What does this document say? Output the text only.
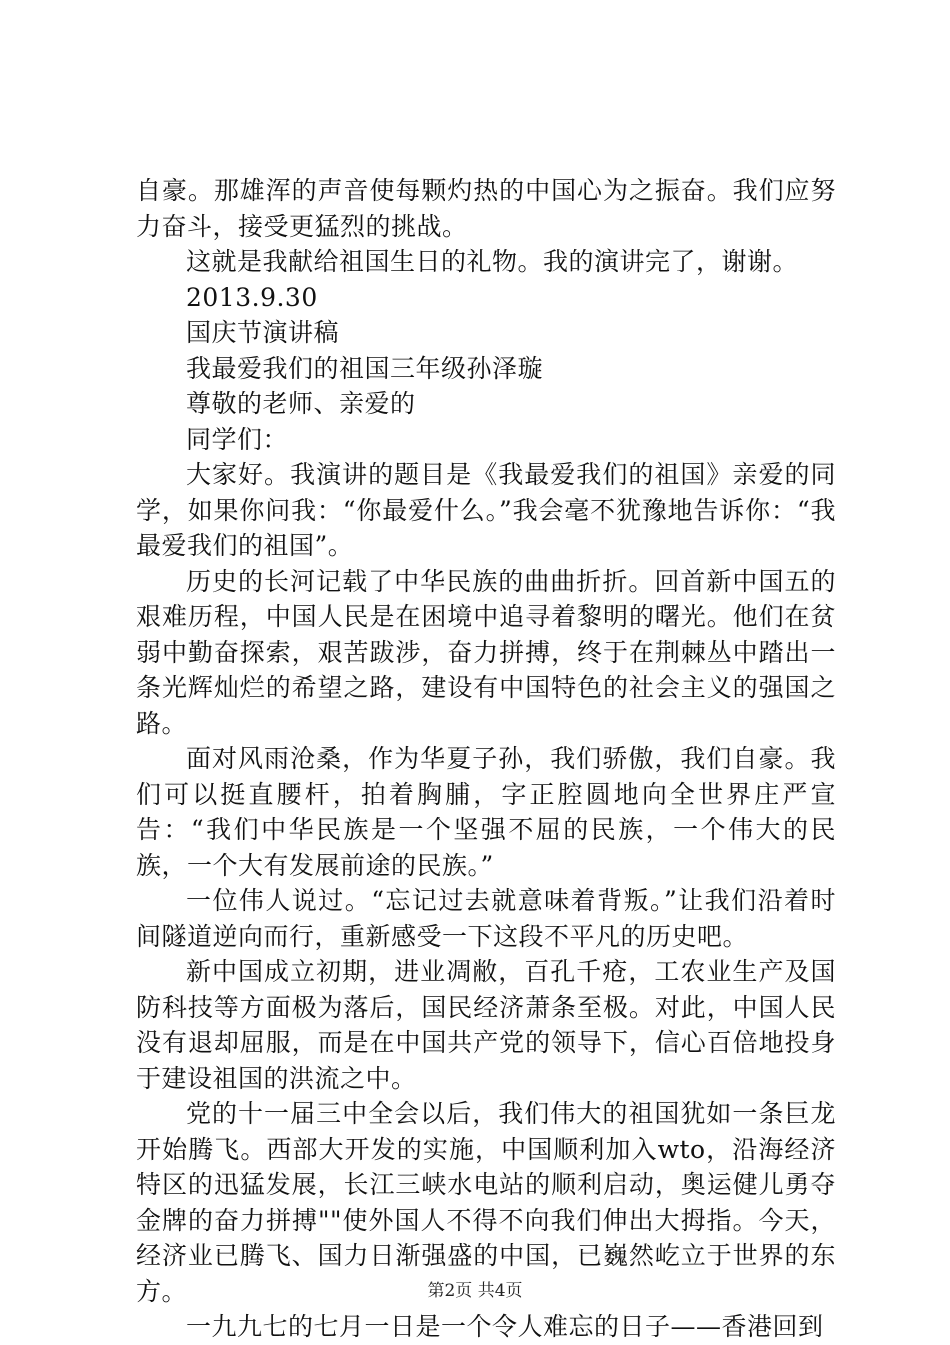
自豪。那雄浑的声音使每颗灼热的中国心为之振奋。我们应努力奋斗，接受更猛烈的挑战。

这就是我献给祖国生日的礼物。我的演讲完了，谢谢。

2013.9.30

国庆节演讲稿

我最爱我们的祖国三年级孙泽璇

尊敬的老师、亲爱的

同学们：

大家好。我演讲的题目是《我最爱我们的祖国》亲爱的同学，如果你问我：“你最爱什么。”我会毫不犹豫地告诉你：“我最爱我们的祖国”。

历史的长河记载了中华民族的曲曲折折。回首新中国五的艰难历程，中国人民是在困境中追寻着黎明的曙光。他们在贫弱中勤奋探索，艰苦跋涉，奋力拼搏，终于在荆棘丛中踏出一条光辉灿烂的希望之路，建设有中国特色的社会主义的强国之路。

面对风雨沧桑，作为华夏子孙，我们骄傲，我们自豪。我们可以挺直腰杆，拍着胸脯，字正腔圆地向全世界庄严宣告：“我们中华民族是一个坚强不屈的民族，一个伟大的民族，一个大有发展前途的民族。”

一位伟人说过。“忘记过去就意味着背叛。”让我们沿着时间隧道逆向而行，重新感受一下这段不平凡的历史吧。

新中国成立初期，进业凋敝，百孔千疮，工农业生产及国防科技等方面极为落后，国民经济萧条至极。对此，中国人民没有退却屈服，而是在中国共产党的领导下，信心百倍地投身于建设祖国的洪流之中。

党的十一届三中全会以后，我们伟大的祖国犹如一条巨龙开始腾飞。西部大开发的实施，中国顺利加入wto，沿海经济特区的迅猛发展，长江三峡水电站的顺利启动，奥运健儿勇夺金牌的奋力拼搏""使外国人不得不向我们伸出大拇指。今天，经济业已腾飞、国力日渐强盛的中国，已巍然屹立于世界的东方。

一九九七的七月一日是一个令人难忘的日子——香港回到

第2页 共4页
